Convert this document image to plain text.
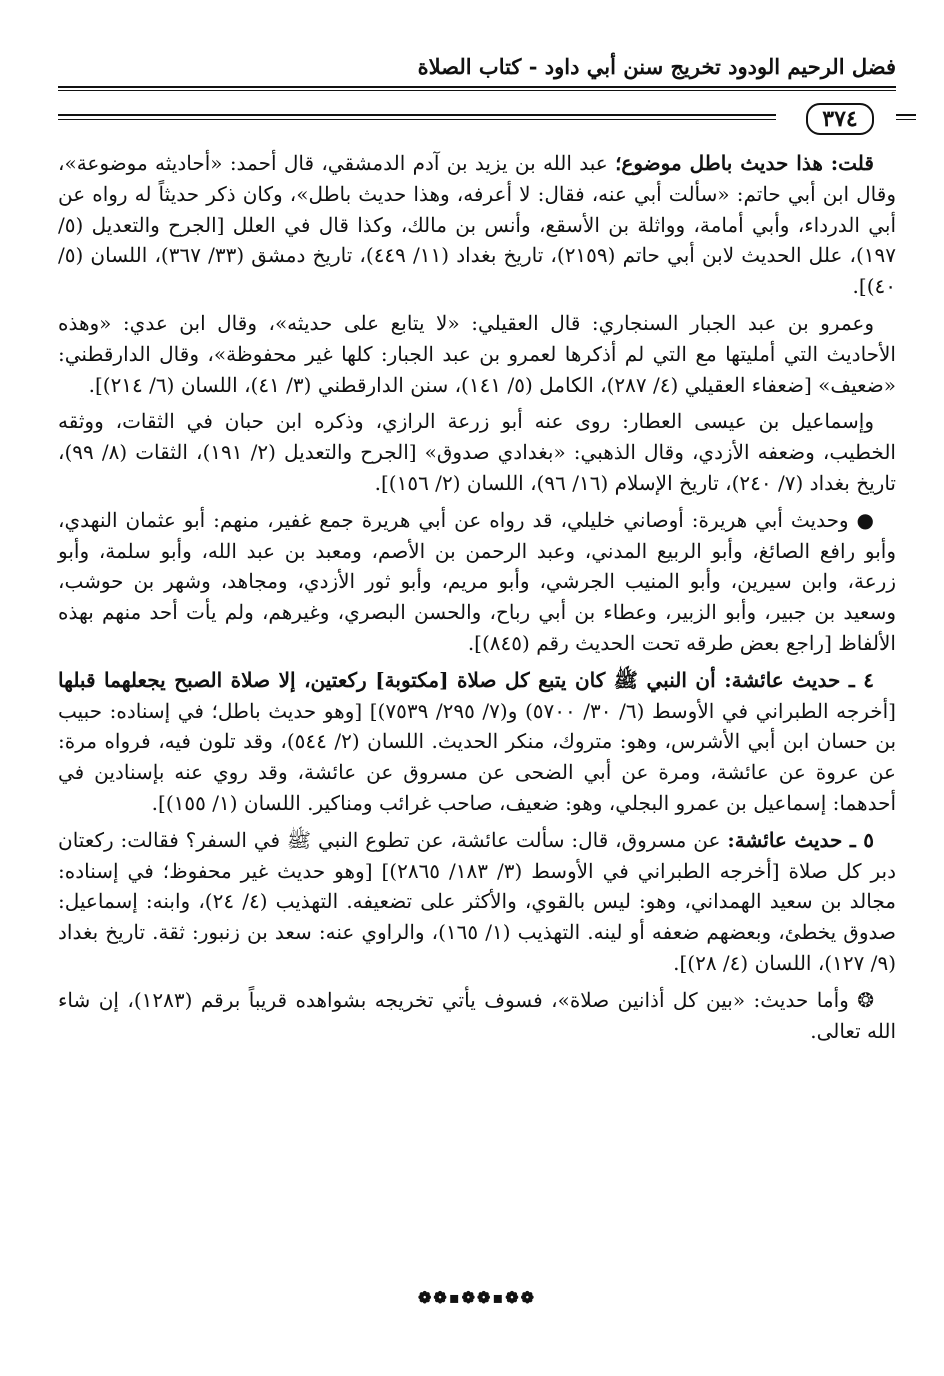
فضل الرحيم الودود تخريج سنن أبي داود - كتاب الصلاة
٣٧٤

قلت: هذا حديث باطل موضوع؛ عبد الله بن يزيد بن آدم الدمشقي، قال أحمد: «أحاديثه موضوعة»، وقال ابن أبي حاتم: «سألت أبي عنه، فقال: لا أعرفه، وهذا حديث باطل»، وكان ذكر حديثاً له رواه عن أبي الدرداء، وأبي أمامة، وواثلة بن الأسقع، وأنس بن مالك، وكذا قال في العلل [الجرح والتعديل (٥/ ١٩٧)، علل الحديث لابن أبي حاتم (٢١٥٩)، تاريخ بغداد (١١/ ٤٤٩)، تاريخ دمشق (٣٣/ ٣٦٧)، اللسان (٥/ ٤٠)].

وعمرو بن عبد الجبار السنجاري: قال العقيلي: «لا يتابع على حديثه»، وقال ابن عدي: «وهذه الأحاديث التي أمليتها مع التي لم أذكرها لعمرو بن عبد الجبار: كلها غير محفوظة»، وقال الدارقطني: «ضعيف» [ضعفاء العقيلي (٤/ ٢٨٧)، الكامل (٥/ ١٤١)، سنن الدارقطني (٣/ ٤١)، اللسان (٦/ ٢١٤)].

وإسماعيل بن عيسى العطار: روى عنه أبو زرعة الرازي، وذكره ابن حبان في الثقات، ووثقه الخطيب، وضعفه الأزدي، وقال الذهبي: «بغدادي صدوق» [الجرح والتعديل (٢/ ١٩١)، الثقات (٨/ ٩٩)، تاريخ بغداد (٧/ ٢٤٠)، تاريخ الإسلام (١٦/ ٩٦)، اللسان (٢/ ١٥٦)].

● وحديث أبي هريرة: أوصاني خليلي، قد رواه عن أبي هريرة جمع غفير، منهم: أبو عثمان النهدي، وأبو رافع الصائغ، وأبو الربيع المدني، وعبد الرحمن بن الأصم، ومعبد بن عبد الله، وأبو سلمة، وأبو زرعة، وابن سيرين، وأبو المنيب الجرشي، وأبو مريم، وأبو ثور الأزدي، ومجاهد، وشهر بن حوشب، وسعيد بن جبير، وأبو الزبير، وعطاء بن أبي رباح، والحسن البصري، وغيرهم، ولم يأت أحد منهم بهذه الألفاظ [راجع بعض طرقه تحت الحديث رقم (٨٤٥)].

٤ ـ حديث عائشة: أن النبي ﷺ كان يتبع كل صلاة [مكتوبة] ركعتين، إلا صلاة الصبح يجعلهما قبلها [أخرجه الطبراني في الأوسط (٦/ ٣٠/ ٥٧٠٠) و(٧/ ٢٩٥/ ٧٥٣٩)] [وهو حديث باطل؛ في إسناده: حبيب بن حسان ابن أبي الأشرس، وهو: متروك، منكر الحديث. اللسان (٢/ ٥٤٤)، وقد تلون فيه، فرواه مرة: عن عروة عن عائشة، ومرة عن أبي الضحى عن مسروق عن عائشة، وقد روي عنه بإسنادين في أحدهما: إسماعيل بن عمرو البجلي، وهو: ضعيف، صاحب غرائب ومناكير. اللسان (١/ ١٥٥)].

٥ ـ حديث عائشة: عن مسروق، قال: سألت عائشة، عن تطوع النبي ﷺ في السفر؟ فقالت: ركعتان دبر كل صلاة [أخرجه الطبراني في الأوسط (٣/ ١٨٣/ ٢٨٦٥)] [وهو حديث غير محفوظ؛ في إسناده: مجالد بن سعيد الهمداني، وهو: ليس بالقوي، والأكثر على تضعيفه. التهذيب (٤/ ٢٤)، وابنه: إسماعيل: صدوق يخطئ، وبعضهم ضعفه أو لينه. التهذيب (١/ ١٦٥)، والراوي عنه: سعد بن زنبور: ثقة. تاريخ بغداد (٩/ ١٢٧)، اللسان (٤/ ٢٨)].

❂ وأما حديث: «بين كل أذانين صلاة»، فسوف يأتي تخريجه بشواهده قريباً برقم (١٢٨٣)، إن شاء الله تعالى.

❁❁▪❁❁▪❁❁
